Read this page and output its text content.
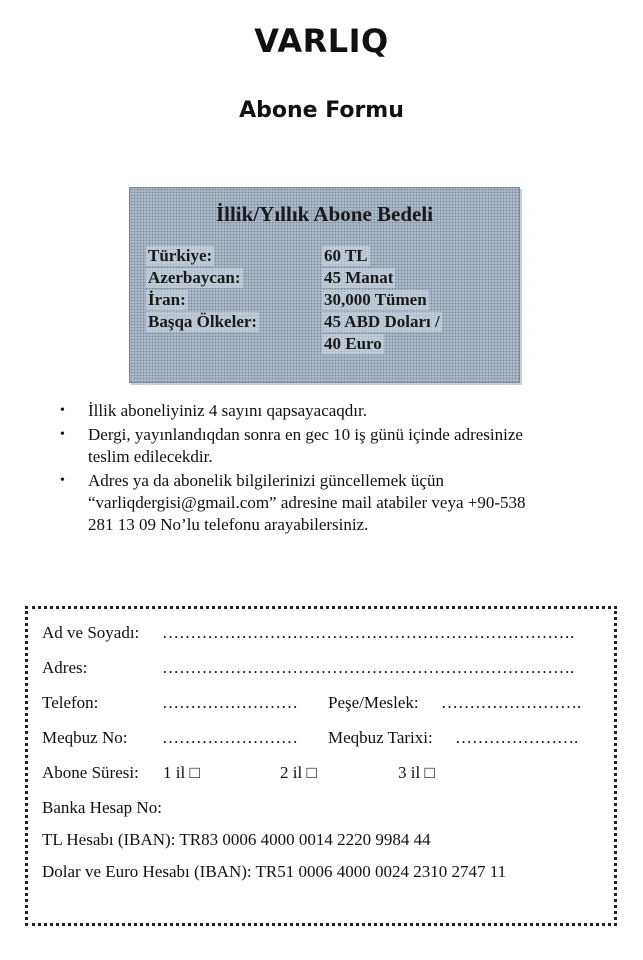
VARLIQ
Abone Formu
İllik/Yıllık Abone Bedeli
Türkiye:	60 TL
Azerbaycan:	45 Manat
İran:	30,000 Tümen
Başqa Ölkeler:	45 ABD Doları /
40 Euro
• İllik aboneliyiniz 4 sayını qapsayacaqdır.
• Dergi, yayınlandıqdan sonra en gec 10 iş günü içinde adresinize
teslim edilecekdir.
• Adres ya da abonelik bilgilerinizi güncellemek üçün
“varliqdergisi@gmail.com” adresine mail atabiler veya +90-538
281 13 09 No’lu telefonu arayabilersiniz.
Ad ve Soyadı: ……………………………………………………………….
Adres:	……………………………………………………………….
Telefon:	…………………… Peşe/Meslek: …………………….
Meqbuz No: …………………… Meqbuz Tarixi: ………………….
Abone Süresi: 1 il □	2 il □	3 il □
Banka Hesap No:
TL Hesabı (IBAN): TR83 0006 4000 0014 2220 9984 44
Dolar ve Euro Hesabı (IBAN): TR51 0006 4000 0024 2310 2747 11
